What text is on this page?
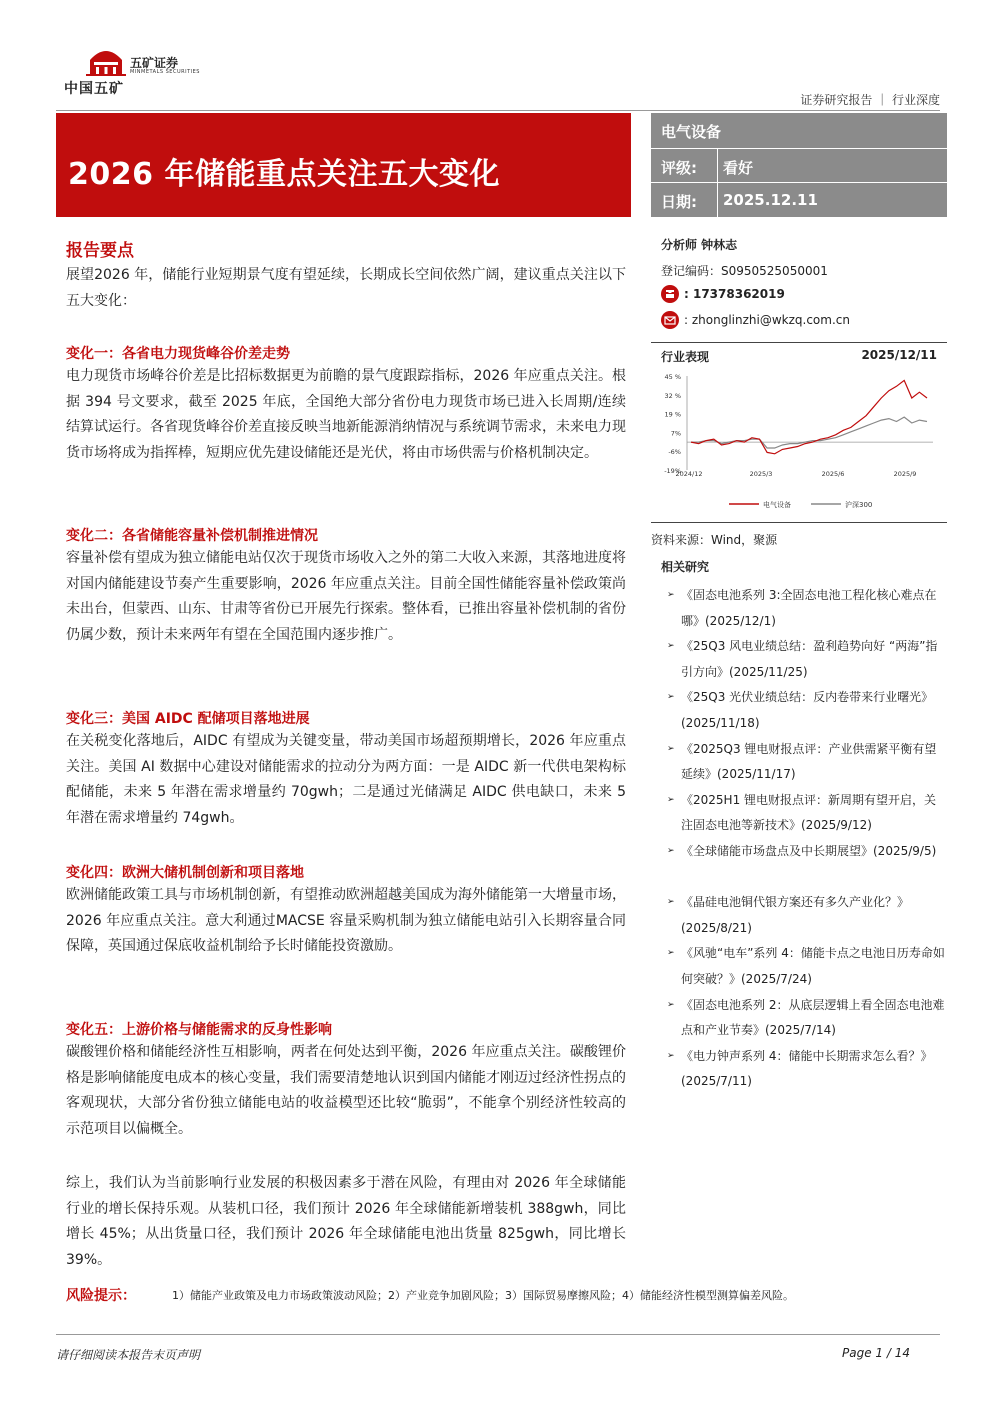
中国五矿
五矿证券
MINMETALS SECURITIES
证券研究报告 ｜ 行业深度
2026 年储能重点关注五大变化
电气设备
评级: 看好
日期: 2025.12.11
报告要点
展望2026 年，储能行业短期景气度有望延续，长期成长空间依然广阔，建议重点关注以下五大变化：
变化一：各省电力现货峰谷价差走势
电力现货市场峰谷价差是比招标数据更为前瞻的景气度跟踪指标，2026 年应重点关注。根据 394 号文要求，截至 2025 年底，全国绝大部分省份电力现货市场已进入长周期/连续结算试运行。各省现货峰谷价差直接反映当地新能源消纳情况与系统调节需求，未来电力现货市场将成为指挥棒，短期应优先建设储能还是光伏，将由市场供需与价格机制决定。
变化二：各省储能容量补偿机制推进情况
容量补偿有望成为独立储能电站仅次于现货市场收入之外的第二大收入来源，其落地进度将对国内储能建设节奏产生重要影响，2026 年应重点关注。目前全国性储能容量补偿政策尚未出台，但蒙西、山东、甘肃等省份已开展先行探索。整体看，已推出容量补偿机制的省份仍属少数，预计未来两年有望在全国范围内逐步推广。
变化三：美国 AIDC 配储项目落地进展
在关税变化落地后，AIDC 有望成为关键变量，带动美国市场超预期增长，2026 年应重点关注。美国 AI 数据中心建设对储能需求的拉动分为两方面：一是 AIDC 新一代供电架构标配储能，未来 5 年潜在需求增量约 70gwh；二是通过光储满足 AIDC 供电缺口，未来 5 年潜在需求增量约 74gwh。
变化四：欧洲大储机制创新和项目落地
欧洲储能政策工具与市场机制创新，有望推动欧洲超越美国成为海外储能第一大增量市场，2026 年应重点关注。意大利通过MACSE 容量采购机制为独立储能电站引入长期容量合同保障，英国通过保底收益机制给予长时储能投资激励。
变化五：上游价格与储能需求的反身性影响
碳酸锂价格和储能经济性互相影响，两者在何处达到平衡，2026 年应重点关注。碳酸锂价格是影响储能度电成本的核心变量，我们需要清楚地认识到国内储能才刚迈过经济性拐点的客观现状，大部分省份独立储能电站的收益模型还比较“脆弱”，不能拿个别经济性较高的示范项目以偏概全。
综上，我们认为当前影响行业发展的积极因素多于潜在风险，有理由对 2026 年全球储能行业的增长保持乐观。从装机口径，我们预计 2026 年全球储能新增装机 388gwh，同比增长 45%；从出货量口径，我们预计 2026 年全球储能电池出货量 825gwh，同比增长 39%。
分析师 钟林志
登记编码：S0950525050001
: 17378362019
: zhonglinzhi@wkzq.com.cn
行业表现	2025/12/11
45 %
32 %
19 %
7%
-6%
-19%
2024/12	2025/3	2025/6	2025/9
电气设备	沪深300
资料来源：Wind，聚源
相关研究
➢ 《固态电池系列 3:全固态电池工程化核心难点在哪》(2025/12/1)
➢ 《25Q3 风电业绩总结：盈利趋势向好 “两海”指引方向》(2025/11/25)
➢ 《25Q3 光伏业绩总结：反内卷带来行业曙光》(2025/11/18)
➢ 《2025Q3 锂电财报点评：产业供需紧平衡有望延续》(2025/11/17)
➢ 《2025H1 锂电财报点评：新周期有望开启，关注固态电池等新技术》(2025/9/12)
➢ 《全球储能市场盘点及中长期展望》(2025/9/5)
➢ 《晶硅电池铜代银方案还有多久产业化？》(2025/8/21)
➢ 《风驰“电车”系列 4：储能卡点之电池日历寿命如何突破？》(2025/7/24)
➢ 《固态电池系列 2：从底层逻辑上看全固态电池难点和产业节奏》(2025/7/14)
➢ 《电力钟声系列 4：储能中长期需求怎么看？》(2025/7/11)
风险提示：	1）储能产业政策及电力市场政策波动风险；2）产业竞争加剧风险；3）国际贸易摩擦风险；4）储能经济性模型测算偏差风险。
请仔细阅读本报告末页声明	Page 1 / 14
